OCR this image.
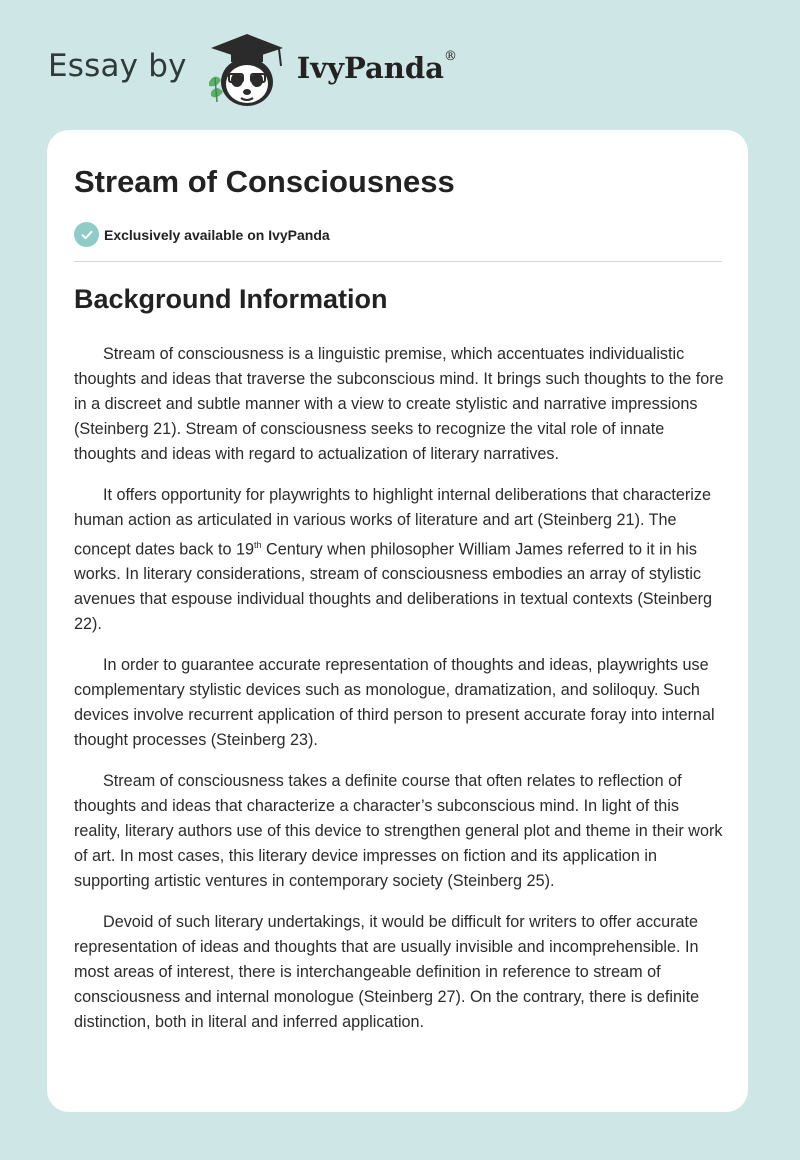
Essay by	IvyPanda®
Stream of Consciousness
Exclusively available on IvyPanda
Background Information

Stream of consciousness is a linguistic premise, which accentuates individualistic thoughts and ideas that traverse the subconscious mind. It brings such thoughts to the fore in a discreet and subtle manner with a view to create stylistic and narrative impressions (Steinberg 21). Stream of consciousness seeks to recognize the vital role of innate thoughts and ideas with regard to actualization of literary narratives.

It offers opportunity for playwrights to highlight internal deliberations that characterize human action as articulated in various works of literature and art (Steinberg 21). The concept dates back to 19th Century when philosopher William James referred to it in his works. In literary considerations, stream of consciousness embodies an array of stylistic avenues that espouse individual thoughts and deliberations in textual contexts (Steinberg 22).

In order to guarantee accurate representation of thoughts and ideas, playwrights use complementary stylistic devices such as monologue, dramatization, and soliloquy. Such devices involve recurrent application of third person to present accurate foray into internal thought processes (Steinberg 23).

Stream of consciousness takes a definite course that often relates to reflection of thoughts and ideas that characterize a character’s subconscious mind. In light of this reality, literary authors use of this device to strengthen general plot and theme in their work of art. In most cases, this literary device impresses on fiction and its application in supporting artistic ventures in contemporary society (Steinberg 25).

Devoid of such literary undertakings, it would be difficult for writers to offer accurate representation of ideas and thoughts that are usually invisible and incomprehensible. In most areas of interest, there is interchangeable definition in reference to stream of consciousness and internal monologue (Steinberg 27). On the contrary, there is definite distinction, both in literal and inferred application.
